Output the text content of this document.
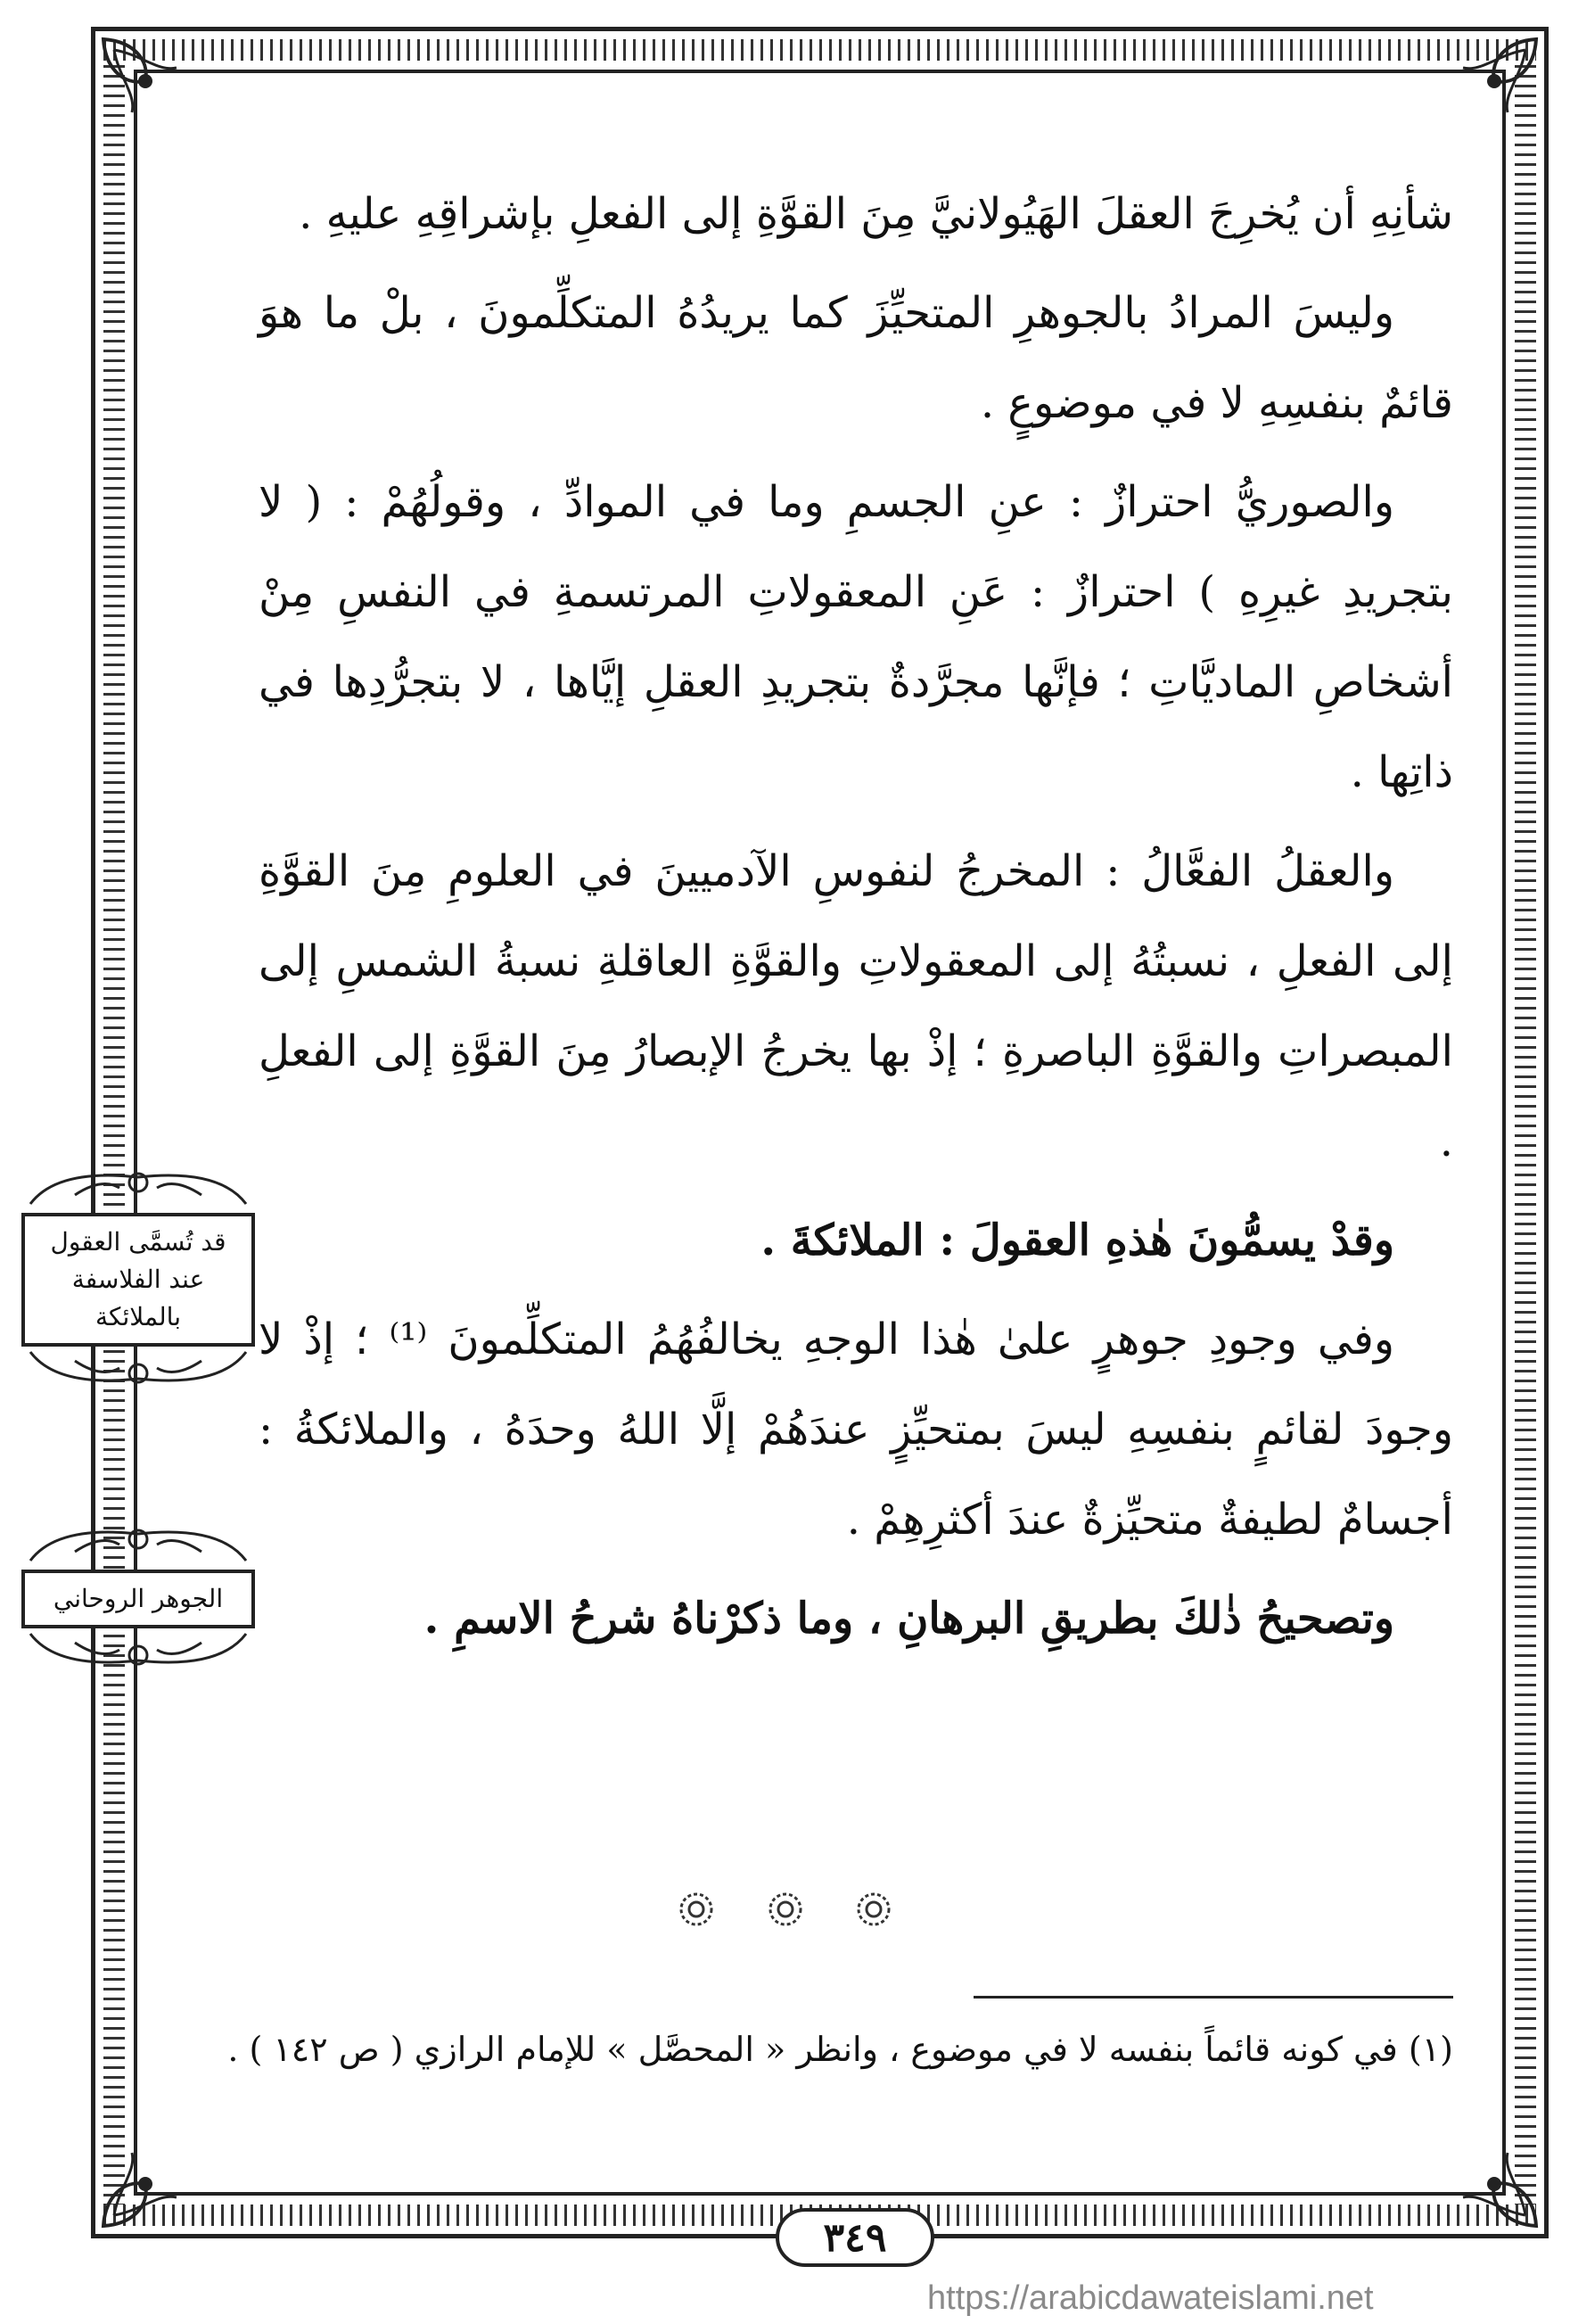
شأنِهِ أن يُخرِجَ العقلَ الهَيُولانيَّ مِنَ القوَّةِ إلى الفعلِ بإشراقِهِ عليهِ .

وليسَ المرادُ بالجوهرِ المتحيِّزَ كما يريدُهُ المتكلِّمونَ ، بلْ ما هوَ قائمٌ بنفسِهِ لا في موضوعٍ .

والصوريُّ احترازٌ : عنِ الجسمِ وما في الموادِّ ، وقولُهُمْ : ( لا بتجريدِ غيرِهِ ) احترازٌ : عَنِ المعقولاتِ المرتسمةِ في النفسِ مِنْ أشخاصِ الماديَّاتِ ؛ فإنَّها مجرَّدةٌ بتجريدِ العقلِ إيَّاها ، لا بتجرُّدِها في ذاتِها .

والعقلُ الفعَّالُ : المخرجُ لنفوسِ الآدميينَ في العلومِ مِنَ القوَّةِ إلى الفعلِ ، نسبتُهُ إلى المعقولاتِ والقوَّةِ العاقلةِ نسبةُ الشمسِ إلى المبصراتِ والقوَّةِ الباصرةِ ؛ إذْ بها يخرجُ الإبصارُ مِنَ القوَّةِ إلى الفعلِ .

وقدْ يسمُّونَ هٰذهِ العقولَ : الملائكةَ .

وفي وجودِ جوهرٍ علىٰ هٰذا الوجهِ يخالفُهُمُ المتكلِّمونَ ⁽¹⁾ ؛ إذْ لا وجودَ لقائمٍ بنفسِهِ ليسَ بمتحيِّزٍ عندَهُمْ إلَّا اللهُ وحدَهُ ، والملائكةُ : أجسامٌ لطيفةٌ متحيِّزةٌ عندَ أكثرِهِمْ .

وتصحيحُ ذٰلكَ بطريقِ البرهانِ ، وما ذكرْناهُ شرحُ الاسمِ .

قد تُسمَّى العقول عند الفلاسفة بالملائكة
الجوهر الروحاني

(١) في كونه قائماً بنفسه لا في موضوع ، وانظر « المحصَّل » للإمام الرازي ( ص ١٤٢ ) .
٣٤٩
https://arabicdawateislami.net
